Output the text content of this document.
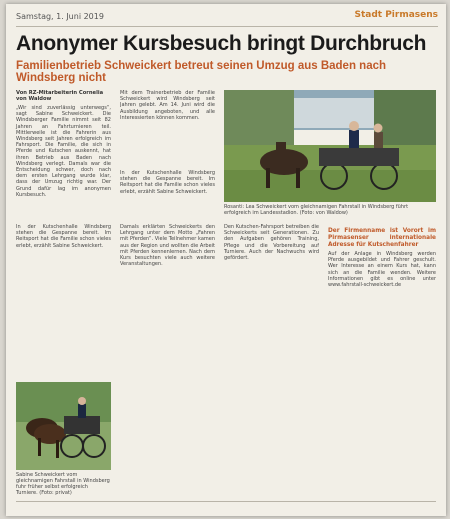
Samstag, 1. Juni 2019	Stadt Pirmasens
Anonymer Kursbesuch bringt Durchbruch
Familienbetrieb Schweickert betreut seinen Umzug aus Baden nach Windsberg nicht
Von RZ-Mitarbeiterin Cornelia von Waldow
„Wir sind zuverlässig unterwegs“, sagt Sabine Schweickert. Die Windsberger Familie nimmt seit 82 Jahren an Fahrturnieren teil. Mittlerweile ist die Fahrerin aus Windsberg seit Jahren erfolgreich im Fahrsport. Die Familie, die sich in Pferde und Kutschen auskennt, hat ihren Betrieb aus Baden nach Windsberg verlegt. Damals war die Entscheidung schwer, doch nach dem ersten Lehrgang wurde klar, dass der Umzug richtig war. Der Grund dafür lag im anonymen Kursbesuch.
Mit dem Trainerbetrieb der Familie Schweickert wird Windsberg seit Jahren gelebt. Am 14. Juni wird die Ausbildung angeboten, und alle Interessierten können kommen.
In der Kutschenhalle Windsberg stehen die Gespanne bereit. Im Reitsport hat die Familie schon vieles erlebt, erzählt Sabine Schweickert.
Rosanti: Lea Schweickert vom gleichnamigen Fahrstall in Windsberg führt erfolgreich im Landesstadion. (Foto: von Waldow)
Damals erklärten Schweickerts den Lehrgang unter dem Motto „Fahren mit Pferden“. Viele Teilnehmer kamen aus der Region und wollten die Arbeit mit Pferden kennenlernen. Nach dem Kurs besuchten viele auch weitere Veranstaltungen.
Den Kutschen-Fahrsport betreiben die Schweickerts seit Generationen. Zu den Aufgaben gehören Training, Pflege und die Vorbereitung auf Turniere. Auch der Nachwuchs wird gefördert.
Der Firmenname ist Vorort im Pirmasenser internationale Adresse für Kutschenfahrer
Auf der Anlage in Windsberg werden Pferde ausgebildet und Fahrer geschult. Wer Interesse an einem Kurs hat, kann sich an die Familie wenden. Weitere Informationen gibt es online unter www.fahrstall-schweickert.de
In der Kutschenhalle Windsberg stehen die Gespanne bereit. Im Reitsport hat die Familie schon vieles erlebt, erzählt Sabine Schweickert.
Sabine Schweickert vom gleichnamigen Fahrstall in Windsberg fuhr früher selbst erfolgreich Turniere. (Foto: privat)
